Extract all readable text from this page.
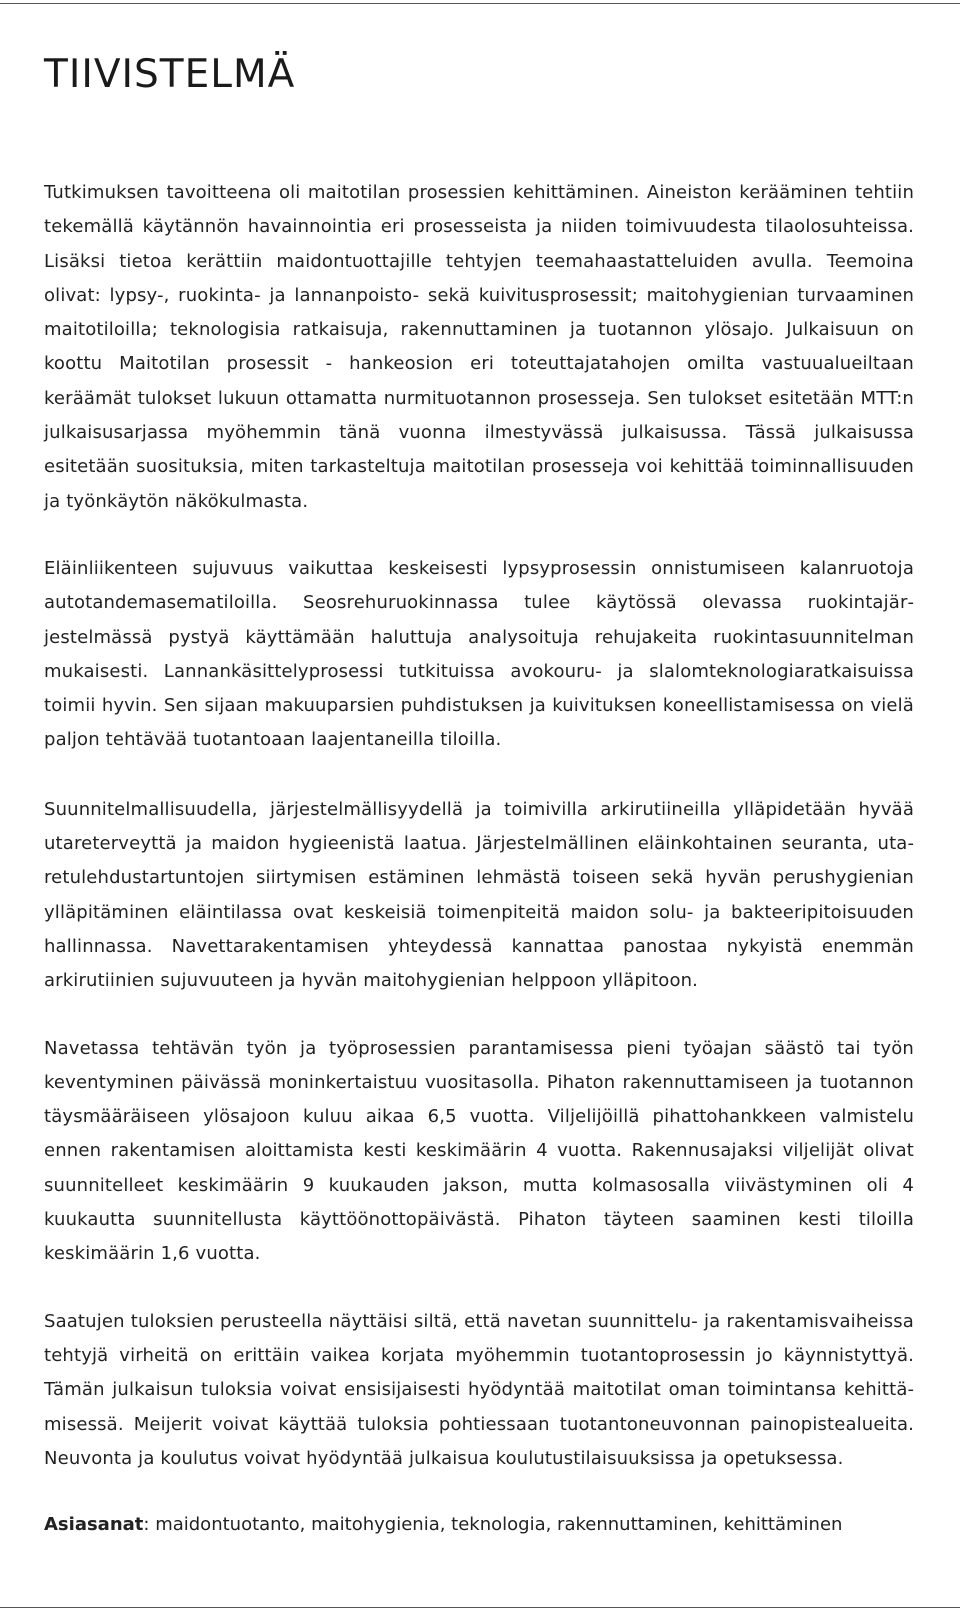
TIIVISTELMÄ

Tutkimuksen tavoitteena oli maitotilan prosessien kehittäminen. Aineiston kerääminen tehtiin tekemällä käytännön havainnointia eri prosesseista ja niiden toimivuudesta tilaolosuhteissa. Lisäksi tietoa kerättiin maidontuottajille tehtyjen teemahaastatteluiden avulla. Teemoina olivat: lypsy-, ruokinta- ja lannanpoisto- sekä kuivitusprosessit; maitohygienian turvaaminen maitotiloilla; teknologisia ratkaisuja, rakennuttaminen ja tuotannon ylösajo. Julkaisuun on koottu Maitotilan prosessit - hankeosion eri toteuttajatahojen omilta vastuualueiltaan keräämät tulokset lukuun ottamatta nurmituotannon prosesseja. Sen tulokset esitetään MTT:n julkaisusarjassa myöhemmin tänä vuonna ilmestyvässä julkaisussa. Tässä julkaisussa esitetään suosituksia, miten tarkasteltuja maitotilan prosesseja voi kehittää toiminnallisuuden ja työnkäytön näkökulmasta.

Eläinliikenteen sujuvuus vaikuttaa keskeisesti lypsyprosessin onnistumiseen kalanruotoja autotandemasematiloilla. Seosrehuruokinnassa tulee käytössä olevassa ruokintajärjestelmässä pystyä käyttämään haluttuja analysoituja rehujakeita ruokintasuunnitelman mukaisesti. Lannankäsittelyprosessi tutkituissa avokouru- ja slalomteknologiaratkaisuissa toimii hyvin. Sen sijaan makuuparsien puhdistuksen ja kuivituksen koneellistamisessa on vielä paljon tehtävää tuotantoaan laajentaneilla tiloilla.

Suunnitelmallisuudella, järjestelmällisyydellä ja toimivilla arkirutiineilla ylläpidetään hyvää utareterveyttä ja maidon hygieenistä laatua. Järjestelmällinen eläinkohtainen seuranta, utaretulehdustartuntojen siirtymisen estäminen lehmästä toiseen sekä hyvän perushygienian ylläpitäminen eläintilassa ovat keskeisiä toimenpiteitä maidon solu- ja bakteeripitoisuuden hallinnassa. Navettarakentamisen yhteydessä kannattaa panostaa nykyistä enemmän arkirutiinien sujuvuuteen ja hyvän maitohygienian helppoon ylläpitoon.

Navetassa tehtävän työn ja työprosessien parantamisessa pieni työajan säästö tai työn keventyminen päivässä moninkertaistuu vuositasolla. Pihaton rakennuttamiseen ja tuotannon täysmääräiseen ylösajoon kuluu aikaa 6,5 vuotta. Viljelijöillä pihattohankkeen valmistelu ennen rakentamisen aloittamista kesti keskimäärin 4 vuotta. Rakennusajaksi viljelijät olivat suunnitelleet keskimäärin 9 kuukauden jakson, mutta kolmasosalla viivästyminen oli 4 kuukautta suunnitellusta käyttöönottopäivästä. Pihaton täyteen saaminen kesti tiloilla keskimäärin 1,6 vuotta.

Saatujen tuloksien perusteella näyttäisi siltä, että navetan suunnittelu- ja rakentamisvaiheissa tehtyjä virheitä on erittäin vaikea korjata myöhemmin tuotantoprosessin jo käynnistyttyä. Tämän julkaisun tuloksia voivat ensisijaisesti hyödyntää maitotilat oman toimintansa kehittämisessä. Meijerit voivat käyttää tuloksia pohtiessaan tuotantoneuvonnan painopistealueita. Neuvonta ja koulutus voivat hyödyntää julkaisua koulutustilaisuuksissa ja opetuksessa.

Asiasanat: maidontuotanto, maitohygienia, teknologia, rakennuttaminen, kehittäminen
